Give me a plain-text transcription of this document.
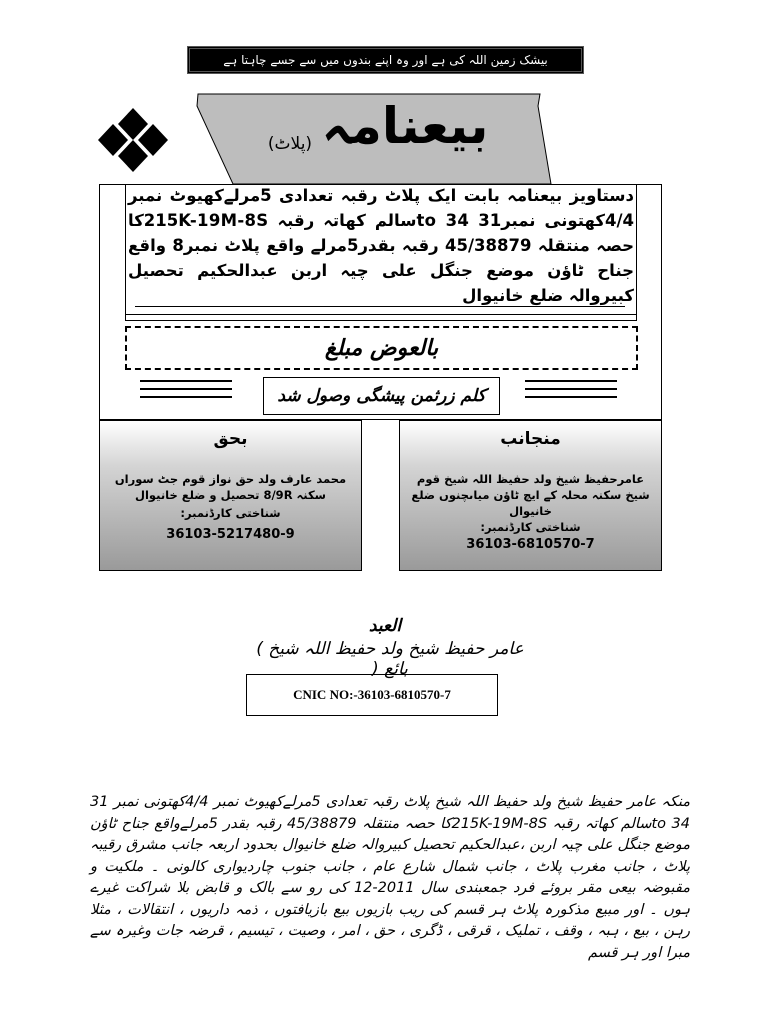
بیشک زمین اللہ کی ہے اور وہ اپنے بندوں میں سے جسے چاہتا ہے
بیعنامہ
(پلاٹ)
دستاویز بیعنامہ بابت ایک پلاٹ رقبہ تعدادی 5مرلےکھیوٹ نمبر 4/4کھتونی نمبر31 to 34سالم کھاتہ رقبہ 215K-19M-8Sکا حصہ منتقلہ 45/38879 رقبہ بقدر5مرلے واقع پلاٹ نمبر8 واقع جناح ٹاؤن موضع جنگل علی چیہ اربن عبدالحکیم تحصیل کبیروالہ ضلع خانیوال
بالعوض مبلغ
کلم زرثمن پیشگی وصول شد
بحق
محمد عارف ولد حق نواز قوم جٹ سوراں سکنہ 8/9R تحصیل و ضلع خانیوال
شناختی کارڈنمبر:
36103-5217480-9
منجانب
عامرحفیظ شیخ ولد حفیظ اللہ شیخ قوم شیخ سکنہ محلہ کے ایچ ٹاؤن میاںچنوں ضلع خانیوال
شناختی کارڈنمبر:
36103-6810570-7
العبد
عامر حفیظ شیخ ولد حفیظ اللہ شیخ ) بائع (
CNIC NO:-36103-6810570-7
منکہ عامر حفیظ شیخ ولد حفیظ اللہ شیخ پلاٹ رقبہ تعدادی 5مرلےکھیوٹ نمبر 4/4کھتونی نمبر 31 to 34سالم کھاتہ رقبہ 215K-19M-8Sکا حصہ منتقلہ 45/38879 رقبہ بقدر 5مرلےواقع جناح ٹاؤن موضع جنگل علی چیہ اربن ،عبدالحکیم تحصیل کبیروالہ ضلع خانیوال بحدود اربعہ جانب مشرق رقیبہ پلاٹ ، جانب مغرب پلاٹ ، جانب شمال شارع عام ، جانب جنوب چاردیواری کالونی ۔ ملکیت و مقبوضہ بیعی مقر بروئے فرد جمعبندی سال 2011-12 کی رو سے بالک و قابض بلا شراکت غیرے ہوں ۔ اور مبیع مذکورہ پلاٹ ہر قسم کی ریب بازیوں بیع بازیافتوں ، ذمہ داریوں ، انتقالات ، مثلا رہن ، بیع ، ہبہ ، وقف ، تملیک ، قرقی ، ڈگری ، حق ، امر ، وصیت ، تیسیم ، قرضہ جات وغیرہ سے مبرا اور ہر قسم
